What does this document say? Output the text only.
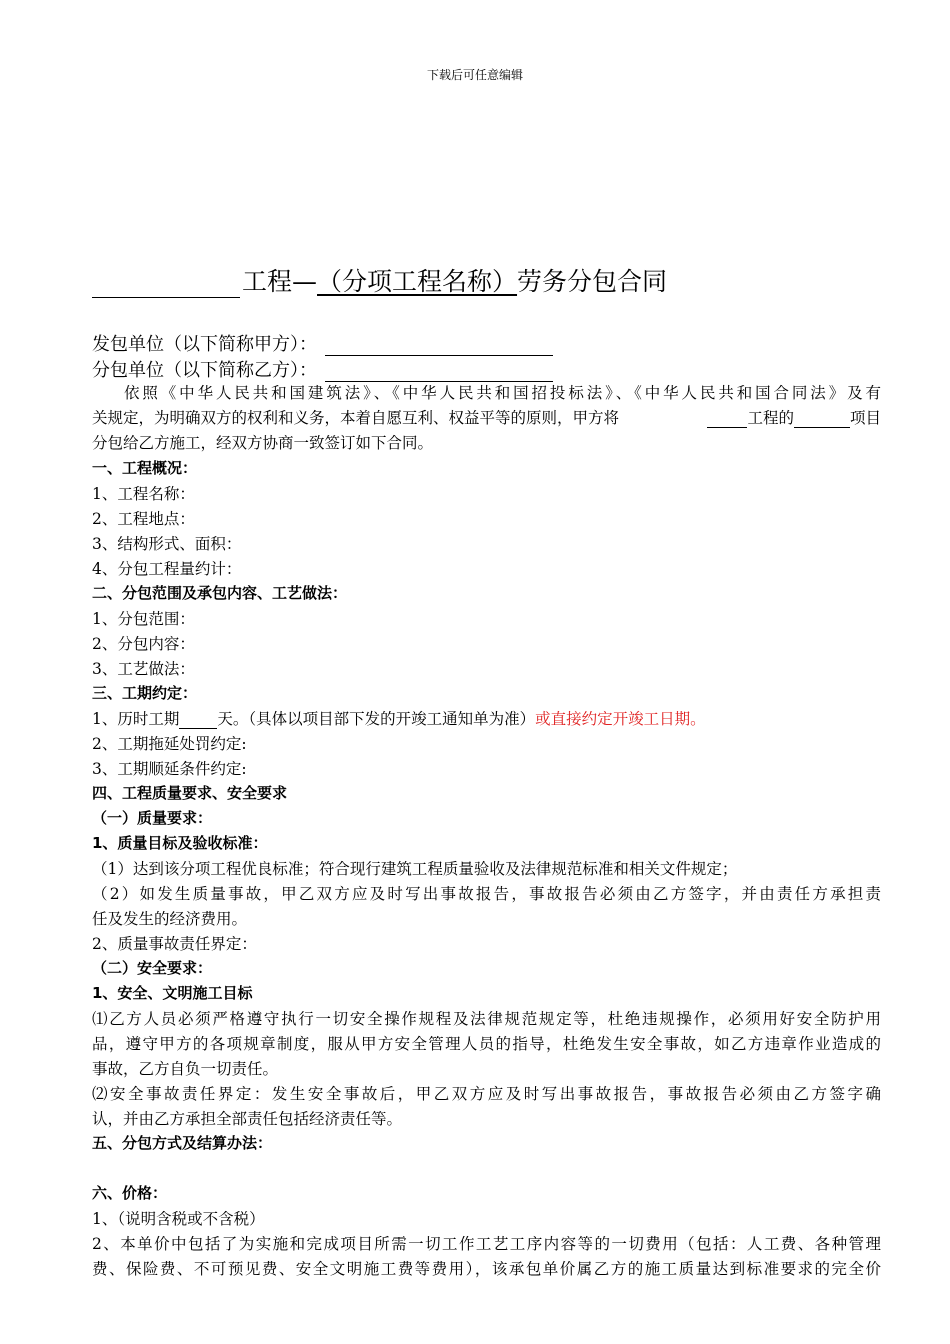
下载后可任意编辑
工程—（分项工程名称）劳务分包合同
发包单位（以下简称甲方）：
分包单位（以下简称乙方）：
依照《中华人民共和国建筑法》、《中华人民共和国招投标法》、《中华人民共和国合同法》及有
关规定，为明确双方的权利和义务，本着自愿互利、权益平等的原则，甲方将	工程的	项目
分包给乙方施工，经双方协商一致签订如下合同。
一、工程概况：
1、工程名称：
2、工程地点：
3、结构形式、面积：
4、分包工程量约计：
二、分包范围及承包内容、工艺做法：
1、分包范围：
2、分包内容：
3、工艺做法：
三、工期约定：
1、历时工期 天。（具体以项目部下发的开竣工通知单为准）或直接约定开竣工日期。
2、工期拖延处罚约定:
3、工期顺延条件约定:
四、工程质量要求、安全要求
（一）质量要求：
1、质量目标及验收标准：
（1）达到该分项工程优良标准；符合现行建筑工程质量验收及法律规范标准和相关文件规定；
（2）如发生质量事故，甲乙双方应及时写出事故报告，事故报告必须由乙方签字，并由责任方承担责
任及发生的经济费用。
2、质量事故责任界定：
（二）安全要求：
1、安全、文明施工目标
⑴乙方人员必须严格遵守执行一切安全操作规程及法律规范规定等，杜绝违规操作，必须用好安全防护用
品，遵守甲方的各项规章制度，服从甲方安全管理人员的指导，杜绝发生安全事故，如乙方违章作业造成的
事故，乙方自负一切责任。
⑵安全事故责任界定：发生安全事故后，甲乙双方应及时写出事故报告，事故报告必须由乙方签字确
认，并由乙方承担全部责任包括经济责任等。
五、分包方式及结算办法：
六、价格：
1、（说明含税或不含税）
2、本单价中包括了为实施和完成项目所需一切工作工艺工序内容等的一切费用（包括：人工费、各种管理
费、保险费、不可预见费、安全文明施工费等费用），该承包单价属乙方的施工质量达到标准要求的完全价
